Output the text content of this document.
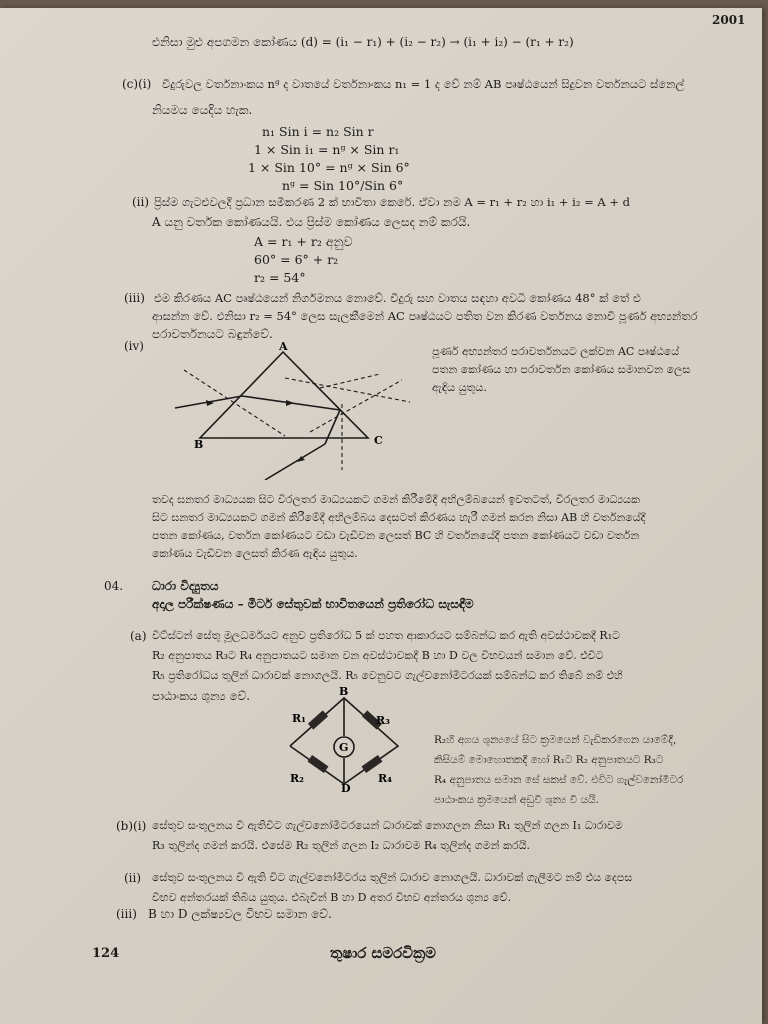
2001
එනිසා මුළු අපගමන කෝණය (d) = (i₁ − r₁) + (i₂ − r₂) → (i₁ + i₂) − (r₁ + r₂)
(c)(i) වීදුරුවල වර්තනාංකය nᵍ ද වාතයේ වර්තනාංකය n₁ = 1 ද වේ නම් AB පෘෂ්ඨයෙන් සිදුවන වර්තනයට ස්නෙල්
නියමය යෙදිය හැක.
n₁ Sin i = n₂ Sin r
1 × Sin i₁ = nᵍ × Sin r₁
1 × Sin 10° = nᵍ × Sin 6°
nᵍ = Sin 10°/Sin 6°
(ii) ප්‍රිස්ම ගැටළුවලදී ප්‍රධාන සමීකරණ 2 ක් භාවිතා කෙරේ. ඒවා නම A = r₁ + r₂ හා i₁ + i₂ = A + d
A යනු වර්තක කෝණයයි. එය ප්‍රිස්ම කෝණය ලෙසද නම් කරයි.
A = r₁ + r₂ අනුව
60° = 6° + r₂
r₂ = 54°
(iii) එම කිරණය AC පෘෂ්ඨයෙන් නිර්ගමනය නොවේ. වීදුරු සහ වාතය සඳහා අවධි කෝණය 48° ක් තේ එ
ආසන්න වේ. එනිසා r₂ = 54° ලෙස සැලකීමෙන් AC පෘෂ්ඨයට පතිත වන කිරණ වර්තනය නොවී පූර්ණ අභ්‍යන්තර
පරාවර්තනයට බඳුන්වේ.
(iv)	A
B	C
පූර්ණ අභ්‍යන්තර පරාවර්තනයට ලක්වන AC පෘෂ්ඨයේ
පතන කෝණය හා පරාවර්තන කෝණය සමානවන ලෙස
ඇඳිය යුතුය.
තවද ඝනතර මාධ්‍යයක සිට විරලතර මාධ්‍යයකට ගමන් කිරීමේදී අභිලම්බයෙන් ඉවතටත්, විරලතර මාධ්‍යයක
සිට ඝනතර මාධ්‍යයකට ගමන් කිරීමේදී අභිලම්බය දෙසටත් කිරණය හැරී ගමන් කරන නිසා AB හි වර්තනයේදී
පතන කෝණය, වර්තන කෝණයට වඩා වැඩිවන ලෙසත් BC හි වර්තනයේදී පතන කෝණයට වඩා වර්තන
කෝණය වැඩිවන ලෙසත් කිරණ ඇඳිය යුතුය.
04. ධාරා විද්‍යුතය
අදාල පරීක්ෂණය – මීටර් සේතුවක් භාවිතයෙන් ප්‍රතිරෝධ සැසඳීම
(a) වීට්ස්ටන් සේතු මූලධර්මයට අනුව ප්‍රතිරෝධ 5 ක් පහත ආකාරයට සම්බන්ධ කර ඇති අවස්ථාවකදී R₁ට
R₂ අනුපාතය R₃ට R₄ අනුපාතයට සමාන වන අවස්ථාවකදී B හා D වල විභවයන් සමාන වේ. එවිට
R₅ ප්‍රතිරෝධය තුලින් ධාරාවක් නොගලයි. R₅ වෙනුවට ගැල්වනෝමීටරයක් සම්බන්ධ කර තිබේ නම් එහි
පාඨාංකය ශුන්‍ය වේ.	B
D
G
R₁	R₃
R₂	R₄
R₂හි අගය ශුන්‍යයේ සිට ක්‍රමයෙන් වැඩිකරගෙන යාමේදී,
කිසියම් මොහොතකදී හෝ R₁ට R₂ අනුපාතයට R₃ට
R₄ අනුපාතය සමාන සේ සකස් වේ. එවිට ගැල්වනෝමීටර
පාඨාංකය ක්‍රමයෙන් අඩුවී ශුන්‍ය වී යයි.
(b)(i) සේතුව සංතුලනය වී ඇතිවිට ගැල්වනෝමීටරයෙන් ධාරාවක් නොගලන නිසා R₁ තුලින් ගලන I₁ ධාරාවම
R₃ තුලින්ද ගමන් කරයි. එසේම R₂ තුලින් ගලන I₂ ධාරාවම R₄ තුලින්ද ගමන් කරයි.
(ii) සේතුව සංතුලනය වී ඇති විට ගැල්වනෝමීටරය තුලින් ධාරාව නොගලයි. ධාරාවක් ගැලීමට නම් එය දෙපස
විභව අන්තරයක් තිබිය යුතුය. එබැවින් B හා D අතර විභව අන්තරය ශුන්‍ය වේ.
(iii) B හා D ලක්ෂ්‍යවල විභව සමාන වේ.
124	තුෂාර සමරවික්‍රම
